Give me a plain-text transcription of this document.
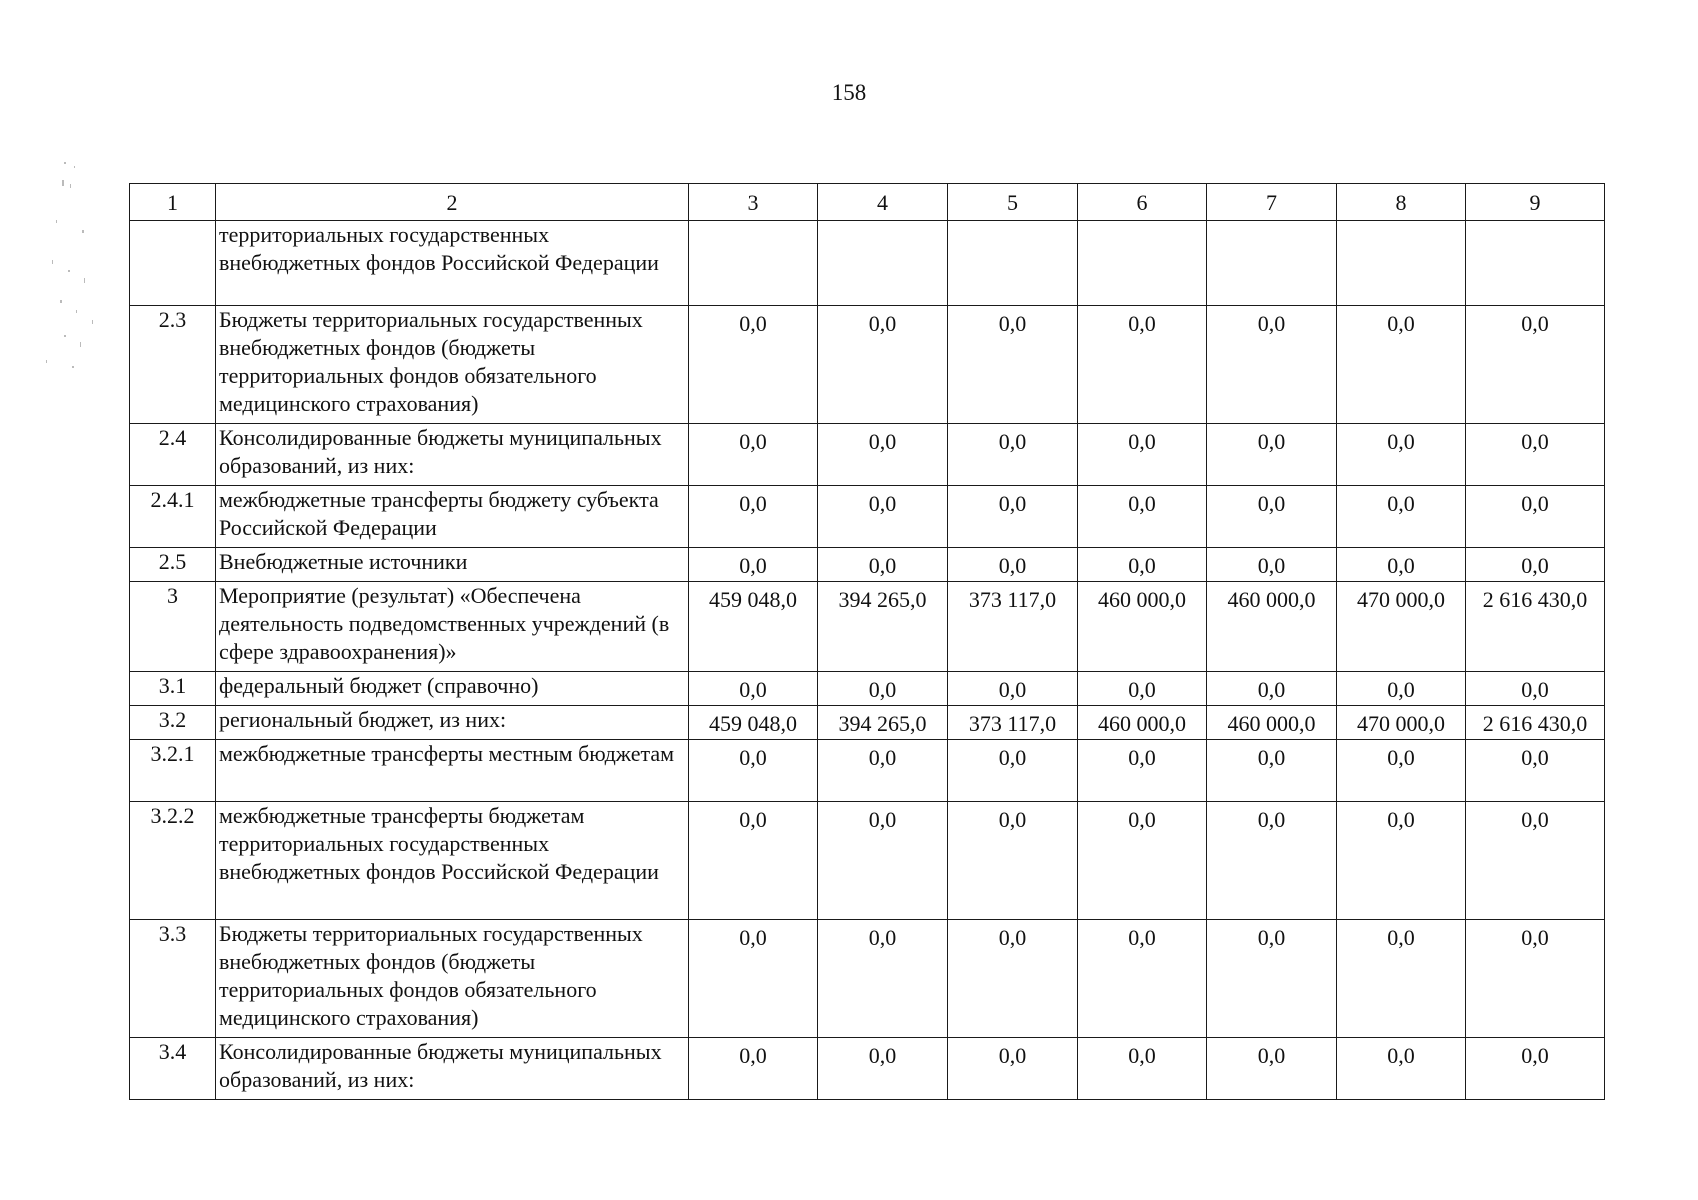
158
1	2	3	4	5	6	7	8	9
	территориальных государственных внебюджетных фондов Российской Федерации							
2.3	Бюджеты территориальных государственных внебюджетных фондов (бюджеты территориальных фондов обязательного медицинского страхования)	0,0	0,0	0,0	0,0	0,0	0,0	0,0
2.4	Консолидированные бюджеты муниципальных образований, из них:	0,0	0,0	0,0	0,0	0,0	0,0	0,0
2.4.1	межбюджетные трансферты бюджету субъекта Российской Федерации	0,0	0,0	0,0	0,0	0,0	0,0	0,0
2.5	Внебюджетные источники	0,0	0,0	0,0	0,0	0,0	0,0	0,0
3	Мероприятие (результат) «Обеспечена деятельность подведомственных учреждений (в сфере здравоохранения)»	459 048,0	394 265,0	373 117,0	460 000,0	460 000,0	470 000,0	2 616 430,0
3.1	федеральный бюджет (справочно)	0,0	0,0	0,0	0,0	0,0	0,0	0,0
3.2	региональный бюджет, из них:	459 048,0	394 265,0	373 117,0	460 000,0	460 000,0	470 000,0	2 616 430,0
3.2.1	межбюджетные трансферты местным бюджетам	0,0	0,0	0,0	0,0	0,0	0,0	0,0
3.2.2	межбюджетные трансферты бюджетам территориальных государственных внебюджетных фондов Российской Федерации	0,0	0,0	0,0	0,0	0,0	0,0	0,0
3.3	Бюджеты территориальных государственных внебюджетных фондов (бюджеты территориальных фондов обязательного медицинского страхования)	0,0	0,0	0,0	0,0	0,0	0,0	0,0
3.4	Консолидированные бюджеты муниципальных образований, из них:	0,0	0,0	0,0	0,0	0,0	0,0	0,0
